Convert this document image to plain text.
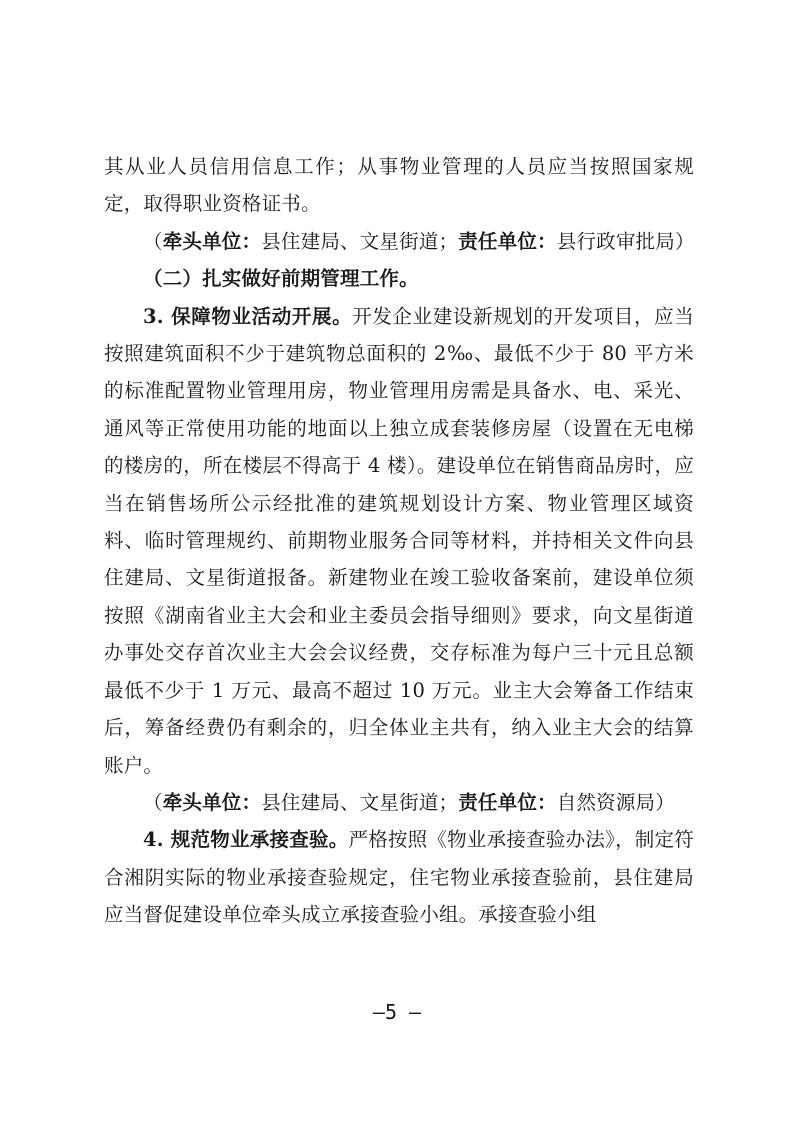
其从业人员信用信息工作；从事物业管理的人员应当按照国家规定，取得职业资格证书。

（牵头单位：县住建局、文星街道；责任单位：县行政审批局）

（二）扎实做好前期管理工作。

3. 保障物业活动开展。开发企业建设新规划的开发项目，应当按照建筑面积不少于建筑物总面积的 2‰、最低不少于 80 平方米的标准配置物业管理用房，物业管理用房需是具备水、电、采光、通风等正常使用功能的地面以上独立成套装修房屋（设置在无电梯的楼房的，所在楼层不得高于 4 楼）。建设单位在销售商品房时，应当在销售场所公示经批准的建筑规划设计方案、物业管理区域资料、临时管理规约、前期物业服务合同等材料，并持相关文件向县住建局、文星街道报备。新建物业在竣工验收备案前，建设单位须按照《湖南省业主大会和业主委员会指导细则》要求，向文星街道办事处交存首次业主大会会议经费，交存标准为每户三十元且总额最低不少于 1 万元、最高不超过 10 万元。业主大会筹备工作结束后，筹备经费仍有剩余的，归全体业主共有，纳入业主大会的结算账户。

（牵头单位：县住建局、文星街道；责任单位：自然资源局）

4. 规范物业承接查验。严格按照《物业承接查验办法》，制定符合湘阴实际的物业承接查验规定，住宅物业承接查验前，县住建局应当督促建设单位牵头成立承接查验小组。承接查验小组

—5 —
